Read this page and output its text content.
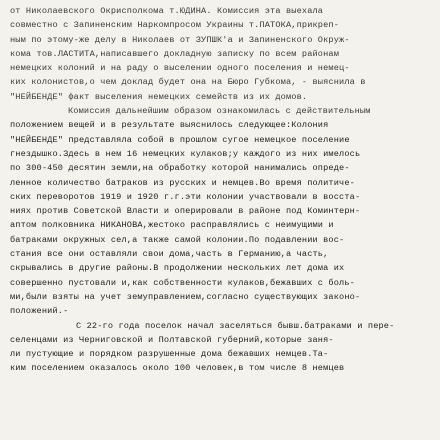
от Николаевского Окрисполкома т.ЮДИНА. Комиссия эта выехала
совместно с Запиненским Наркомпросом Украины т.ПАТОКА,прикреп-
ным по этому-же делу в Николаев от ЗУПШК'а и Запиненского Окруж-
кома тов.ЛАСТИТА,написавшего докладную записку по всем районам
немецких колоний и на раду о выселении одного поселения и немец-
ких колонистов,о чем доклад будет она на Бюро Губкома, - выяснила в
"НЕЙБЕНДЕ" факт выселения немецких семейств из их домов.
Комиссия дальнейшим образом ознакомилась с действительным
положением вещей и в результате выяснилось следующее:Колония
"НЕЙБЕНДЕ" представляла собой в прошлом сугое немецкое поселение
гнездышко.Здесь в нем 16 немецких кулаков;у каждого из них имелось
по 300-450 десятин земли,на обработку которой нанимались опреде-
ленное количество батраков из русских и немцев.Во время политиче-
ских переворотов 1919 и 1920 г.г.эти колонии участвовали в восста-
ниях против Советской Власти и оперировали в районе под Коминтерн-
аптом полковника НИКАНОВА,жестоко расправлялись с неимущими и
батраками окружных сел,а также самой колонии.По подавлении вос-
стания все они оставляли свои дома,часть в Германию,а часть,
скрывались в другие районы.В продолжении нескольких лет дома их
совершенно пустовали и,как собственности кулаков,бежавших с боль-
ми,были взяты на учет земуправлением,согласно существующих законо-
положений.-
С 22-го года поселок начал заселяться бывш.батраками и пере-
селенцами из Черниговской и Полтавской губерний,которые заня-
ли пустующие и порядком разрушенные дома бежавших немцев.Та-
ким поселением оказалось около 100 человек,в том числе 8 немцев
